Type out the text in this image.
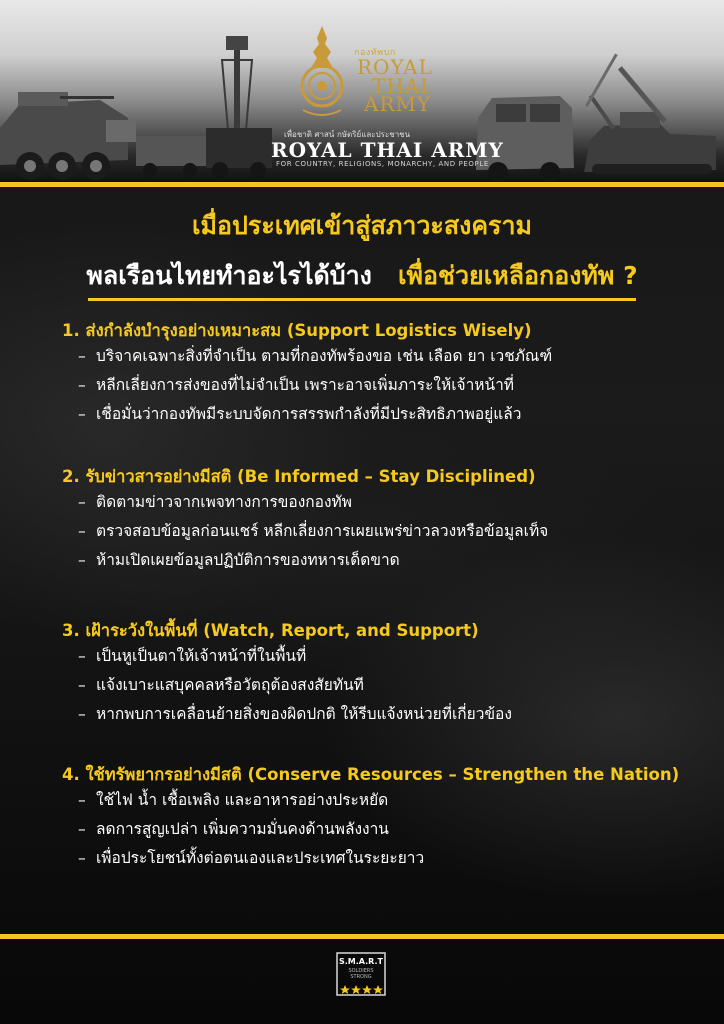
กองทัพบก
ROYAL
THAI
ARMY
เพื่อชาติ ศาสน์ กษัตริย์และประชาชน
ROYAL THAI ARMY
FOR COUNTRY, RELIGIONS, MONARCHY, AND PEOPLE
เมื่อประเทศเข้าสู่สภาวะสงคราม
พลเรือนไทยทำอะไรได้บ้าง เพื่อช่วยเหลือกองทัพ ?
1. ส่งกำลังบำรุงอย่างเหมาะสม (Support Logistics Wisely)
– บริจาคเฉพาะสิ่งที่จำเป็น ตามที่กองทัพร้องขอ เช่น เลือด ยา เวชภัณฑ์
– หลีกเลี่ยงการส่งของที่ไม่จำเป็น เพราะอาจเพิ่มภาระให้เจ้าหน้าที่
– เชื่อมั่นว่ากองทัพมีระบบจัดการสรรพกำลังที่มีประสิทธิภาพอยู่แล้ว
2. รับข่าวสารอย่างมีสติ (Be Informed – Stay Disciplined)
– ติดตามข่าวจากเพจทางการของกองทัพ
– ตรวจสอบข้อมูลก่อนแชร์ หลีกเลี่ยงการเผยแพร่ข่าวลวงหรือข้อมูลเท็จ
– ห้ามเปิดเผยข้อมูลปฏิบัติการของทหารเด็ดขาด
3. เฝ้าระวังในพื้นที่ (Watch, Report, and Support)
– เป็นหูเป็นตาให้เจ้าหน้าที่ในพื้นที่
– แจ้งเบาะแสบุคคลหรือวัตถุต้องสงสัยทันที
– หากพบการเคลื่อนย้ายสิ่งของผิดปกติ ให้รีบแจ้งหน่วยที่เกี่ยวข้อง
4. ใช้ทรัพยากรอย่างมีสติ (Conserve Resources – Strengthen the Nation)
– ใช้ไฟ น้ำ เชื้อเพลิง และอาหารอย่างประหยัด
– ลดการสูญเปล่า เพิ่มความมั่นคงด้านพลังงาน
– เพื่อประโยชน์ทั้งต่อตนเองและประเทศในระยะยาว
S.M.A.R.T
SOLDIERS
STRONG
